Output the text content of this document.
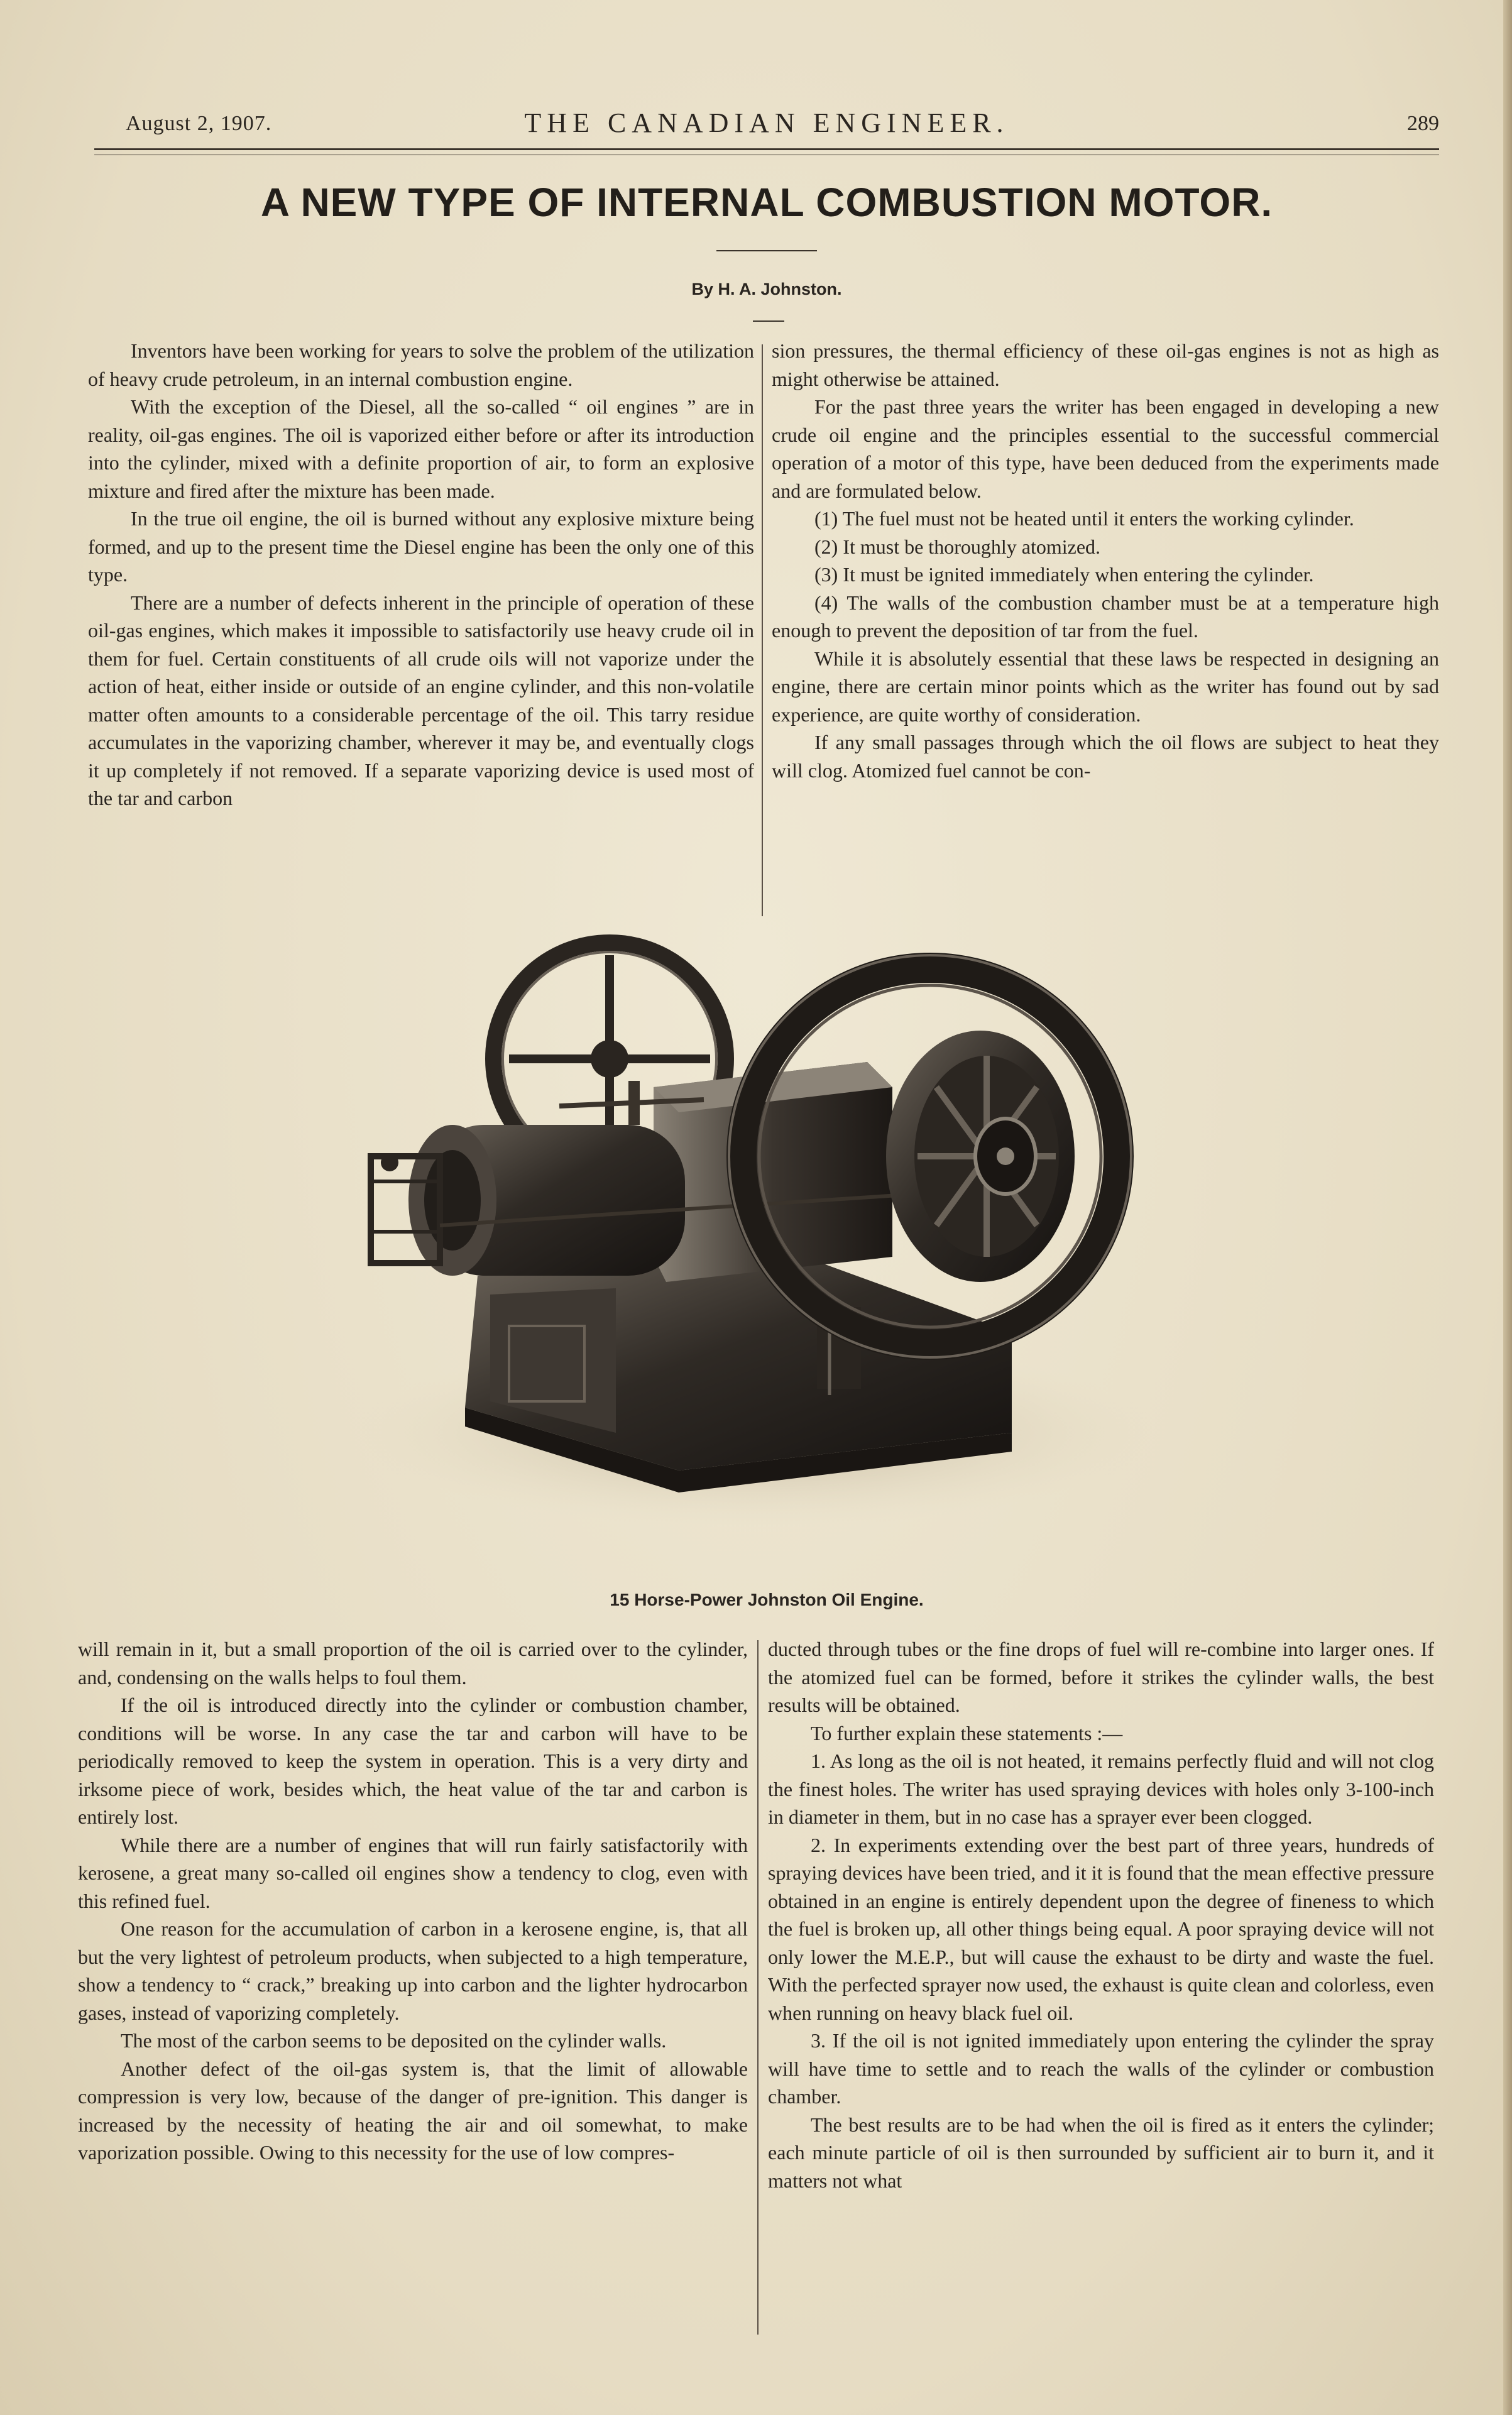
August 2, 1907.	THE CANADIAN ENGINEER.	289
A NEW TYPE OF INTERNAL COMBUSTION MOTOR.
By H. A. Johnston.

Inventors have been working for years to solve the problem of the utilization of heavy crude petroleum, in an internal combustion engine.

With the exception of the Diesel, all the so-called “ oil engines ” are in reality, oil-gas engines. The oil is vaporized either before or after its introduction into the cylinder, mixed with a definite proportion of air, to form an explosive mixture and fired after the mixture has been made.

In the true oil engine, the oil is burned without any explosive mixture being formed, and up to the present time the Diesel engine has been the only one of this type.

There are a number of defects inherent in the principle of operation of these oil-gas engines, which makes it impossible to satisfactorily use heavy crude oil in them for fuel. Certain constituents of all crude oils will not vaporize under the action of heat, either inside or outside of an engine cylinder, and this non-volatile matter often amounts to a considerable percentage of the oil. This tarry residue accumulates in the vaporizing chamber, wherever it may be, and eventually clogs it up completely if not removed. If a separate vaporizing device is used most of the tar and carbon

sion pressures, the thermal efficiency of these oil-gas engines is not as high as might otherwise be attained.

For the past three years the writer has been engaged in developing a new crude oil engine and the principles essential to the successful commercial operation of a motor of this type, have been deduced from the experiments made and are formulated below.

(1) The fuel must not be heated until it enters the working cylinder.

(2) It must be thoroughly atomized.

(3) It must be ignited immediately when entering the cylinder.

(4) The walls of the combustion chamber must be at a temperature high enough to prevent the deposition of tar from the fuel.

While it is absolutely essential that these laws be respected in designing an engine, there are certain minor points which as the writer has found out by sad experience, are quite worthy of consideration.

If any small passages through which the oil flows are subject to heat they will clog. Atomized fuel cannot be con-

15 Horse-Power Johnston Oil Engine.

will remain in it, but a small proportion of the oil is carried over to the cylinder, and, condensing on the walls helps to foul them.

If the oil is introduced directly into the cylinder or combustion chamber, conditions will be worse. In any case the tar and carbon will have to be periodically removed to keep the system in operation. This is a very dirty and irksome piece of work, besides which, the heat value of the tar and carbon is entirely lost.

While there are a number of engines that will run fairly satisfactorily with kerosene, a great many so-called oil engines show a tendency to clog, even with this refined fuel.

One reason for the accumulation of carbon in a kerosene engine, is, that all but the very lightest of petroleum products, when subjected to a high temperature, show a tendency to “ crack,” breaking up into carbon and the lighter hydrocarbon gases, instead of vaporizing completely.

The most of the carbon seems to be deposited on the cylinder walls.

Another defect of the oil-gas system is, that the limit of allowable compression is very low, because of the danger of pre-ignition. This danger is increased by the necessity of heating the air and oil somewhat, to make vaporization possible. Owing to this necessity for the use of low compres-

ducted through tubes or the fine drops of fuel will re-combine into larger ones. If the atomized fuel can be formed, before it strikes the cylinder walls, the best results will be obtained.

To further explain these statements :—

1. As long as the oil is not heated, it remains perfectly fluid and will not clog the finest holes. The writer has used spraying devices with holes only 3-100-inch in diameter in them, but in no case has a sprayer ever been clogged.

2. In experiments extending over the best part of three years, hundreds of spraying devices have been tried, and it it is found that the mean effective pressure obtained in an engine is entirely dependent upon the degree of fineness to which the fuel is broken up, all other things being equal. A poor spraying device will not only lower the M.E.P., but will cause the exhaust to be dirty and waste the fuel. With the perfected sprayer now used, the exhaust is quite clean and colorless, even when running on heavy black fuel oil.

3. If the oil is not ignited immediately upon entering the cylinder the spray will have time to settle and to reach the walls of the cylinder or combustion chamber.

The best results are to be had when the oil is fired as it enters the cylinder; each minute particle of oil is then surrounded by sufficient air to burn it, and it matters not what
